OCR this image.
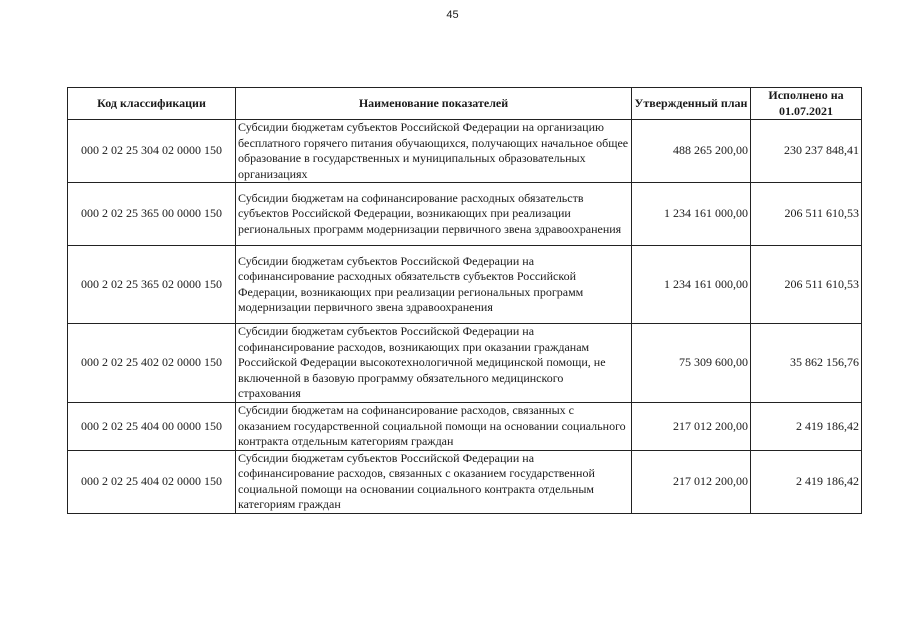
45
Код классификации	Наименование показателей	Утвержденный план	Исполнено на 01.07.2021
000 2 02 25 304 02 0000 150	Субсидии бюджетам субъектов Российской Федерации на организацию бесплатного горячего питания обучающихся, получающих начальное общее образование в государственных и муниципальных образовательных организациях	488 265 200,00	230 237 848,41
000 2 02 25 365 00 0000 150	Субсидии бюджетам на софинансирование расходных обязательств субъектов Российской Федерации, возникающих при реализации региональных программ модернизации первичного звена здравоохранения	1 234 161 000,00	206 511 610,53
000 2 02 25 365 02 0000 150	Субсидии бюджетам субъектов Российской Федерации на софинансирование расходных обязательств субъектов Российской Федерации, возникающих при реализации региональных программ модернизации первичного звена здравоохранения	1 234 161 000,00	206 511 610,53
000 2 02 25 402 02 0000 150	Субсидии бюджетам субъектов Российской Федерации на софинансирование расходов, возникающих при оказании гражданам Российской Федерации высокотехнологичной медицинской помощи, не включенной в базовую программу обязательного медицинского страхования	75 309 600,00	35 862 156,76
000 2 02 25 404 00 0000 150	Субсидии бюджетам на софинансирование расходов, связанных с оказанием государственной социальной помощи на основании социального контракта отдельным категориям граждан	217 012 200,00	2 419 186,42
000 2 02 25 404 02 0000 150	Субсидии бюджетам субъектов Российской Федерации на софинансирование расходов, связанных с оказанием государственной социальной помощи на основании социального контракта отдельным категориям граждан	217 012 200,00	2 419 186,42
